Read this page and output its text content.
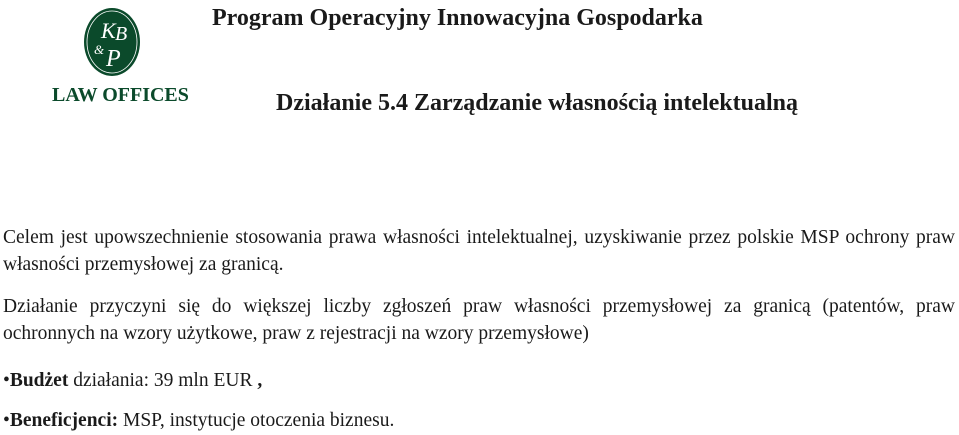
K B
& P
LAW OFFICES
Program Operacyjny Innowacyjna Gospodarka
Działanie 5.4 Zarządzanie własnością intelektualną

Celem jest upowszechnienie stosowania prawa własności intelektualnej, uzyskiwanie przez polskie MSP ochrony praw własności przemysłowej za granicą.

Działanie przyczyni się do większej liczby zgłoszeń praw własności przemysłowej za granicą (patentów, praw ochronnych na wzory użytkowe, praw z rejestracji na wzory przemysłowe)

•Budżet działania: 39 mln EUR ,

•Beneficjenci: MSP, instytucje otoczenia biznesu.
